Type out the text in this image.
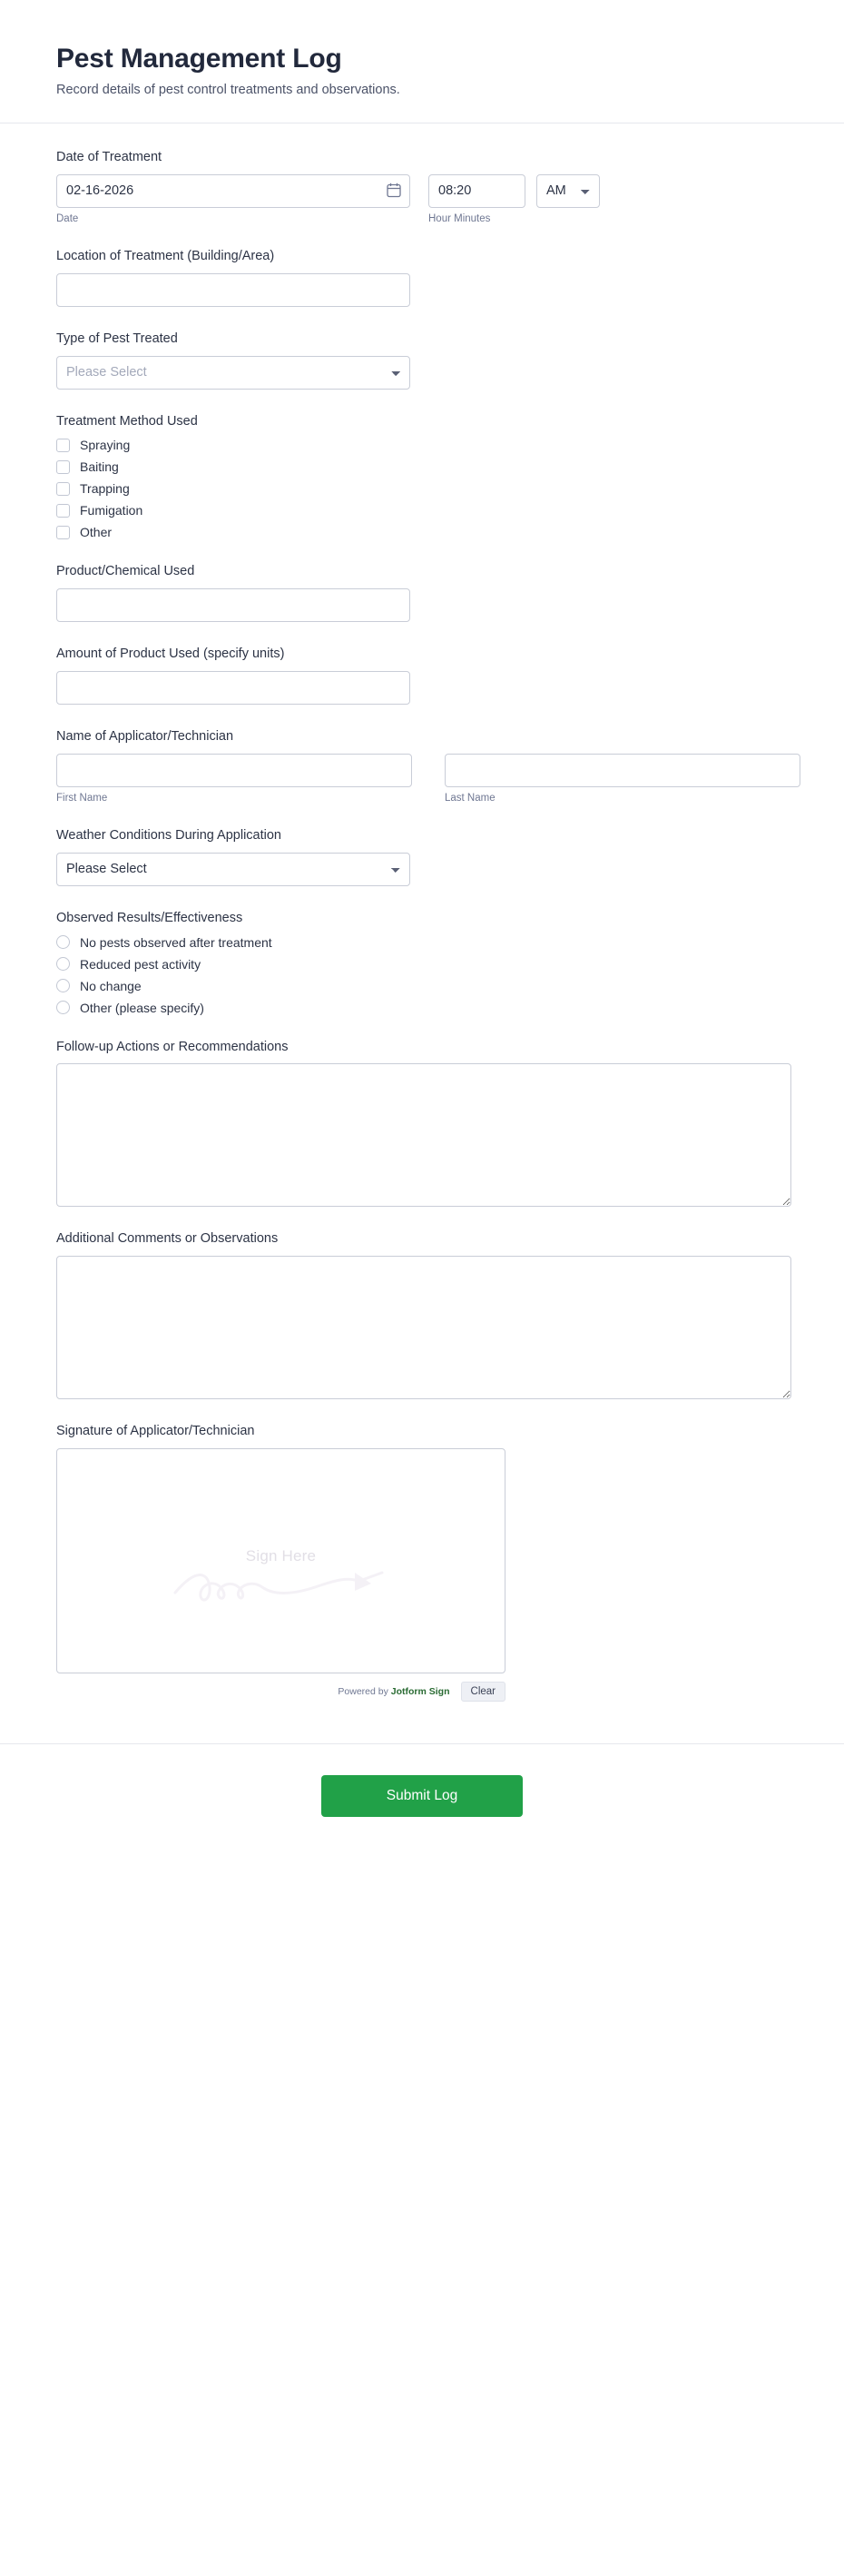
Pest Management Log

Record details of pest control treatments and observations.

Date of Treatment
02-16-2026
08:20
AM
Date	Hour Minutes
Location of Treatment (Building/Area)
Type of Pest Treated
Please Select
Treatment Method Used
Spraying
Baiting
Trapping
Fumigation
Other
Product/Chemical Used
Amount of Product Used (specify units)
Name of Applicator/Technician
First Name	Last Name
Weather Conditions During Application
Please Select
Observed Results/Effectiveness
No pests observed after treatment
Reduced pest activity
No change
Other (please specify)
Follow-up Actions or Recommendations
Additional Comments or Observations
Signature of Applicator/Technician
Sign Here
Powered by Jotform Sign	Clear
Submit Log
